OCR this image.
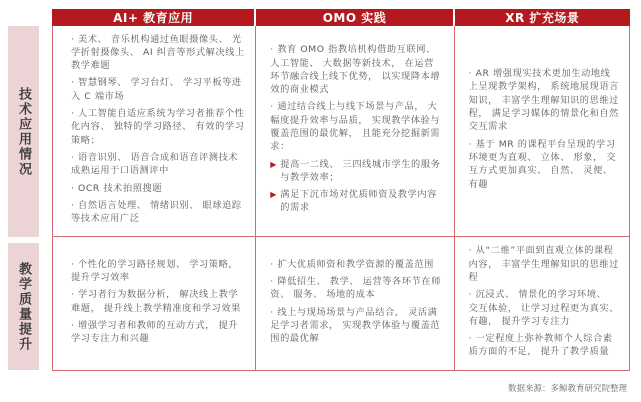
技术应用情况
教学质量提升
AI+ 教育应用	OMO 实践	XR 扩充场景

· 美术、 音乐机构通过鱼眼摄像头、 光学折射摄像头、 AI 纠音等形式解决线上教学难题

· 智慧钢琴、 学习台灯、 学习平板等进入 C 端市场

· 人工智能自适应系统为学习者推荐个性化内容、 独特的学习路径、 有效的学习策略；

· 语音识别、 语音合成和语音评测技术成熟运用于口语测评中

· OCR 技术拍照搜题

· 自然语言处理、 情绪识别、 眼球追踪等技术应用广泛

· 教育 OMO 指教培机构借助互联网、 人工智能、 大数据等新技术， 在运营环节融合线上线下优势， 以实现降本增效的商业模式

· 通过结合线上与线下场景与产品， 大幅度提升效率与品质， 实现教学体验与覆盖范围的最优解， 且能充分挖掘新需求：

▶ 提高一二线、 三四线城市学生的服务与教学效率；
▶ 满足下沉市场对优质师资及教学内容的需求

· AR 增强现实技术更加生动地线上呈现教学架构， 系统地展现语言知识， 丰富学生理解知识的思维过程， 满足学习媒体的情景化和自然交互需求

· 基于 MR 的课程平台呈现的学习环境更为直观、 立体、 形象， 交互方式更加真实、 自然、 灵便、 有趣

· 个性化的学习路径规划、 学习策略， 提升学习效率

· 学习者行为数据分析， 解决线上教学难题， 提升线上教学精准度和学习效果

· 增强学习者和教师的互动方式， 提升学习专注力和兴趣

· 扩大优质师资和教学资源的覆盖范围

· 降低招生、 教学、 运营等各环节在师资、 服务、 场地的成本

· 线上与现场场景与产品结合， 灵活满足学习者需求， 实现教学体验与覆盖范围的最优解

· 从“二维”平面到直观立体的课程内容， 丰富学生理解知识的思维过程

· 沉浸式、 情景化的学习环境、 交互体验， 让学习过程更为真实、 有趣， 提升学习专注力

· 一定程度上弥补教师个人综合素质方面的不足， 提升了教学质量

数据来源：多鲸教育研究院整理
